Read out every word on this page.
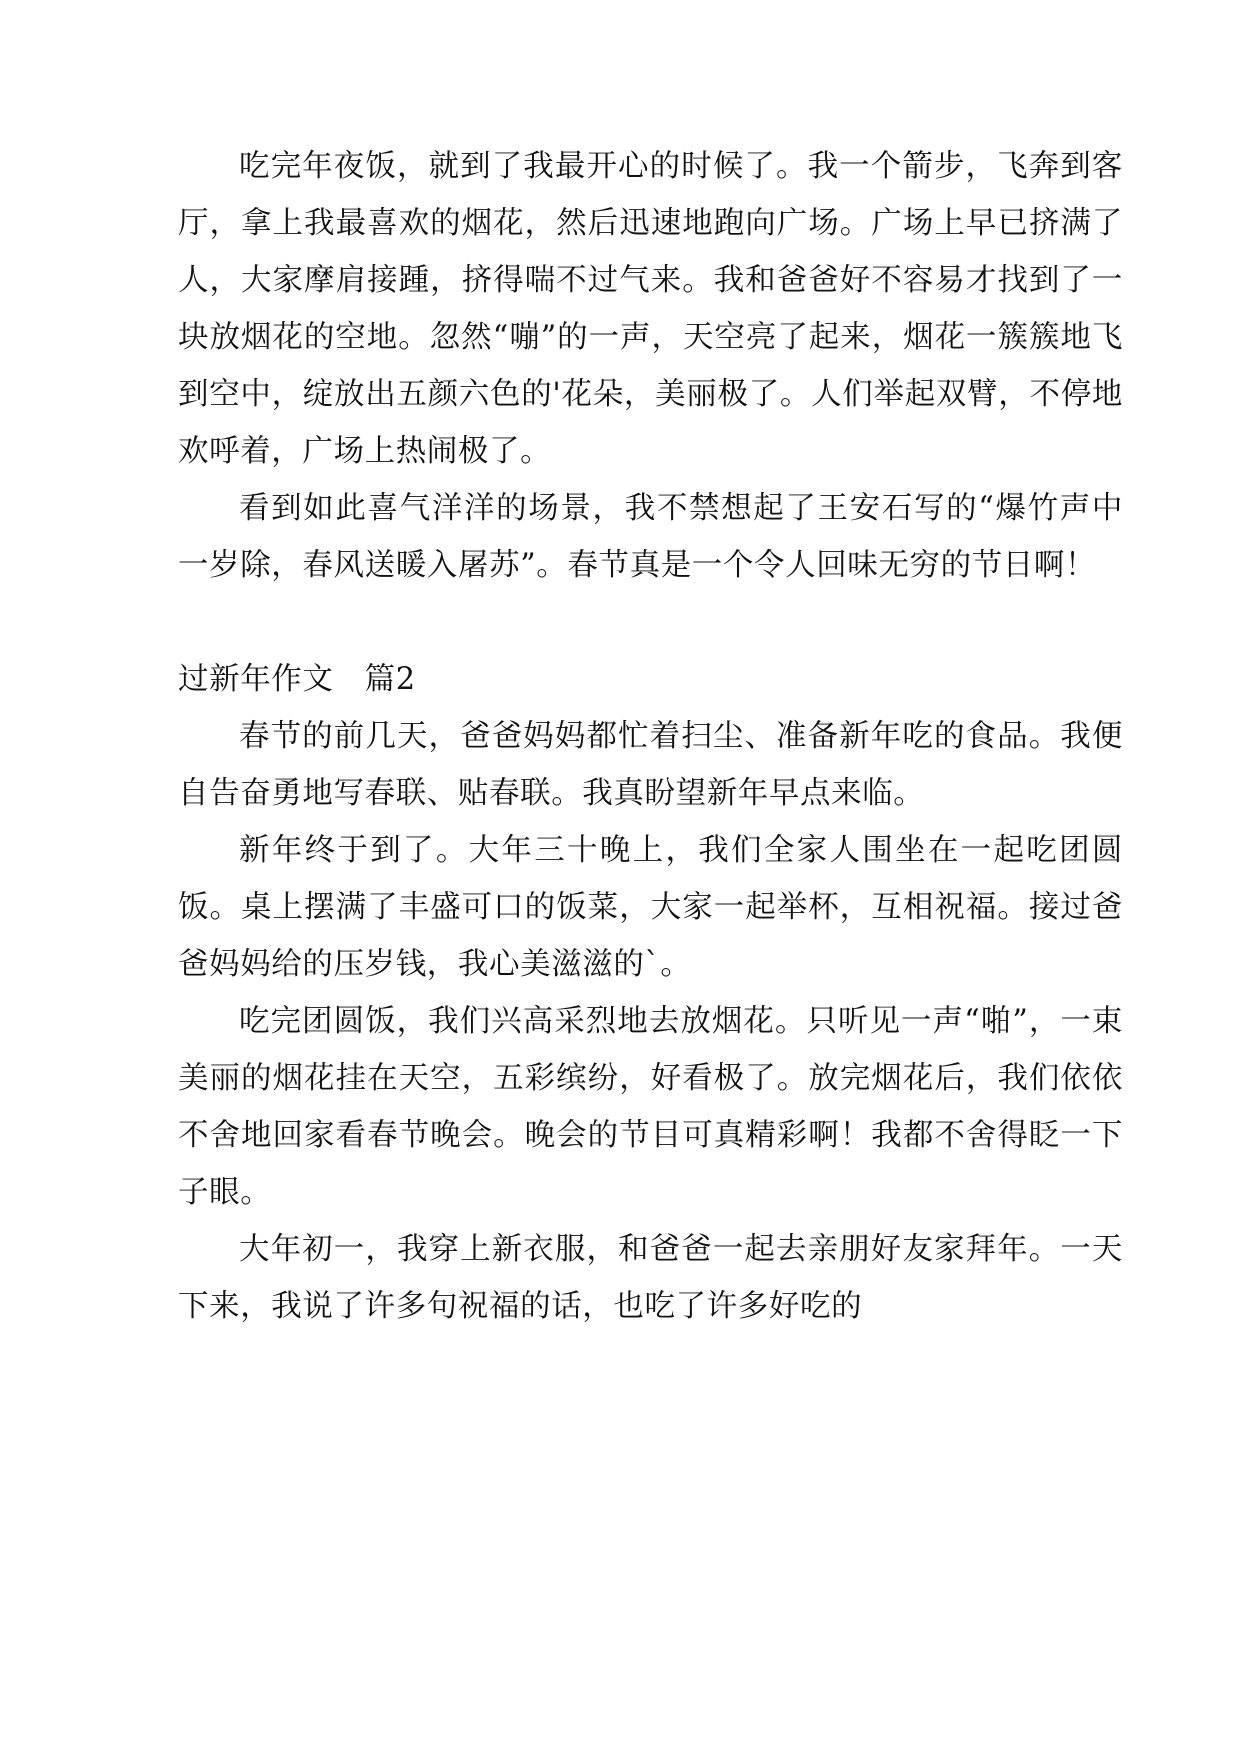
吃完年夜饭，就到了我最开心的时候了。我一个箭步，飞奔到客厅，拿上我最喜欢的烟花，然后迅速地跑向广场。广场上早已挤满了人，大家摩肩接踵，挤得喘不过气来。我和爸爸好不容易才找到了一块放烟花的空地。忽然“嘣”的一声，天空亮了起来，烟花一簇簇地飞到空中，绽放出五颜六色的'花朵，美丽极了。人们举起双臂，不停地欢呼着，广场上热闹极了。

看到如此喜气洋洋的场景，我不禁想起了王安石写的“爆竹声中一岁除，春风送暖入屠苏”。春节真是一个令人回味无穷的节日啊！

过新年作文　篇2

春节的前几天，爸爸妈妈都忙着扫尘、准备新年吃的食品。我便自告奋勇地写春联、贴春联。我真盼望新年早点来临。

新年终于到了。大年三十晚上，我们全家人围坐在一起吃团圆饭。桌上摆满了丰盛可口的饭菜，大家一起举杯，互相祝福。接过爸爸妈妈给的压岁钱，我心美滋滋的`。

吃完团圆饭，我们兴高采烈地去放烟花。只听见一声“啪”，一束美丽的烟花挂在天空，五彩缤纷，好看极了。放完烟花后，我们依依不舍地回家看春节晚会。晚会的节目可真精彩啊！我都不舍得眨一下子眼。

大年初一，我穿上新衣服，和爸爸一起去亲朋好友家拜年。一天下来，我说了许多句祝福的话，也吃了许多好吃的
